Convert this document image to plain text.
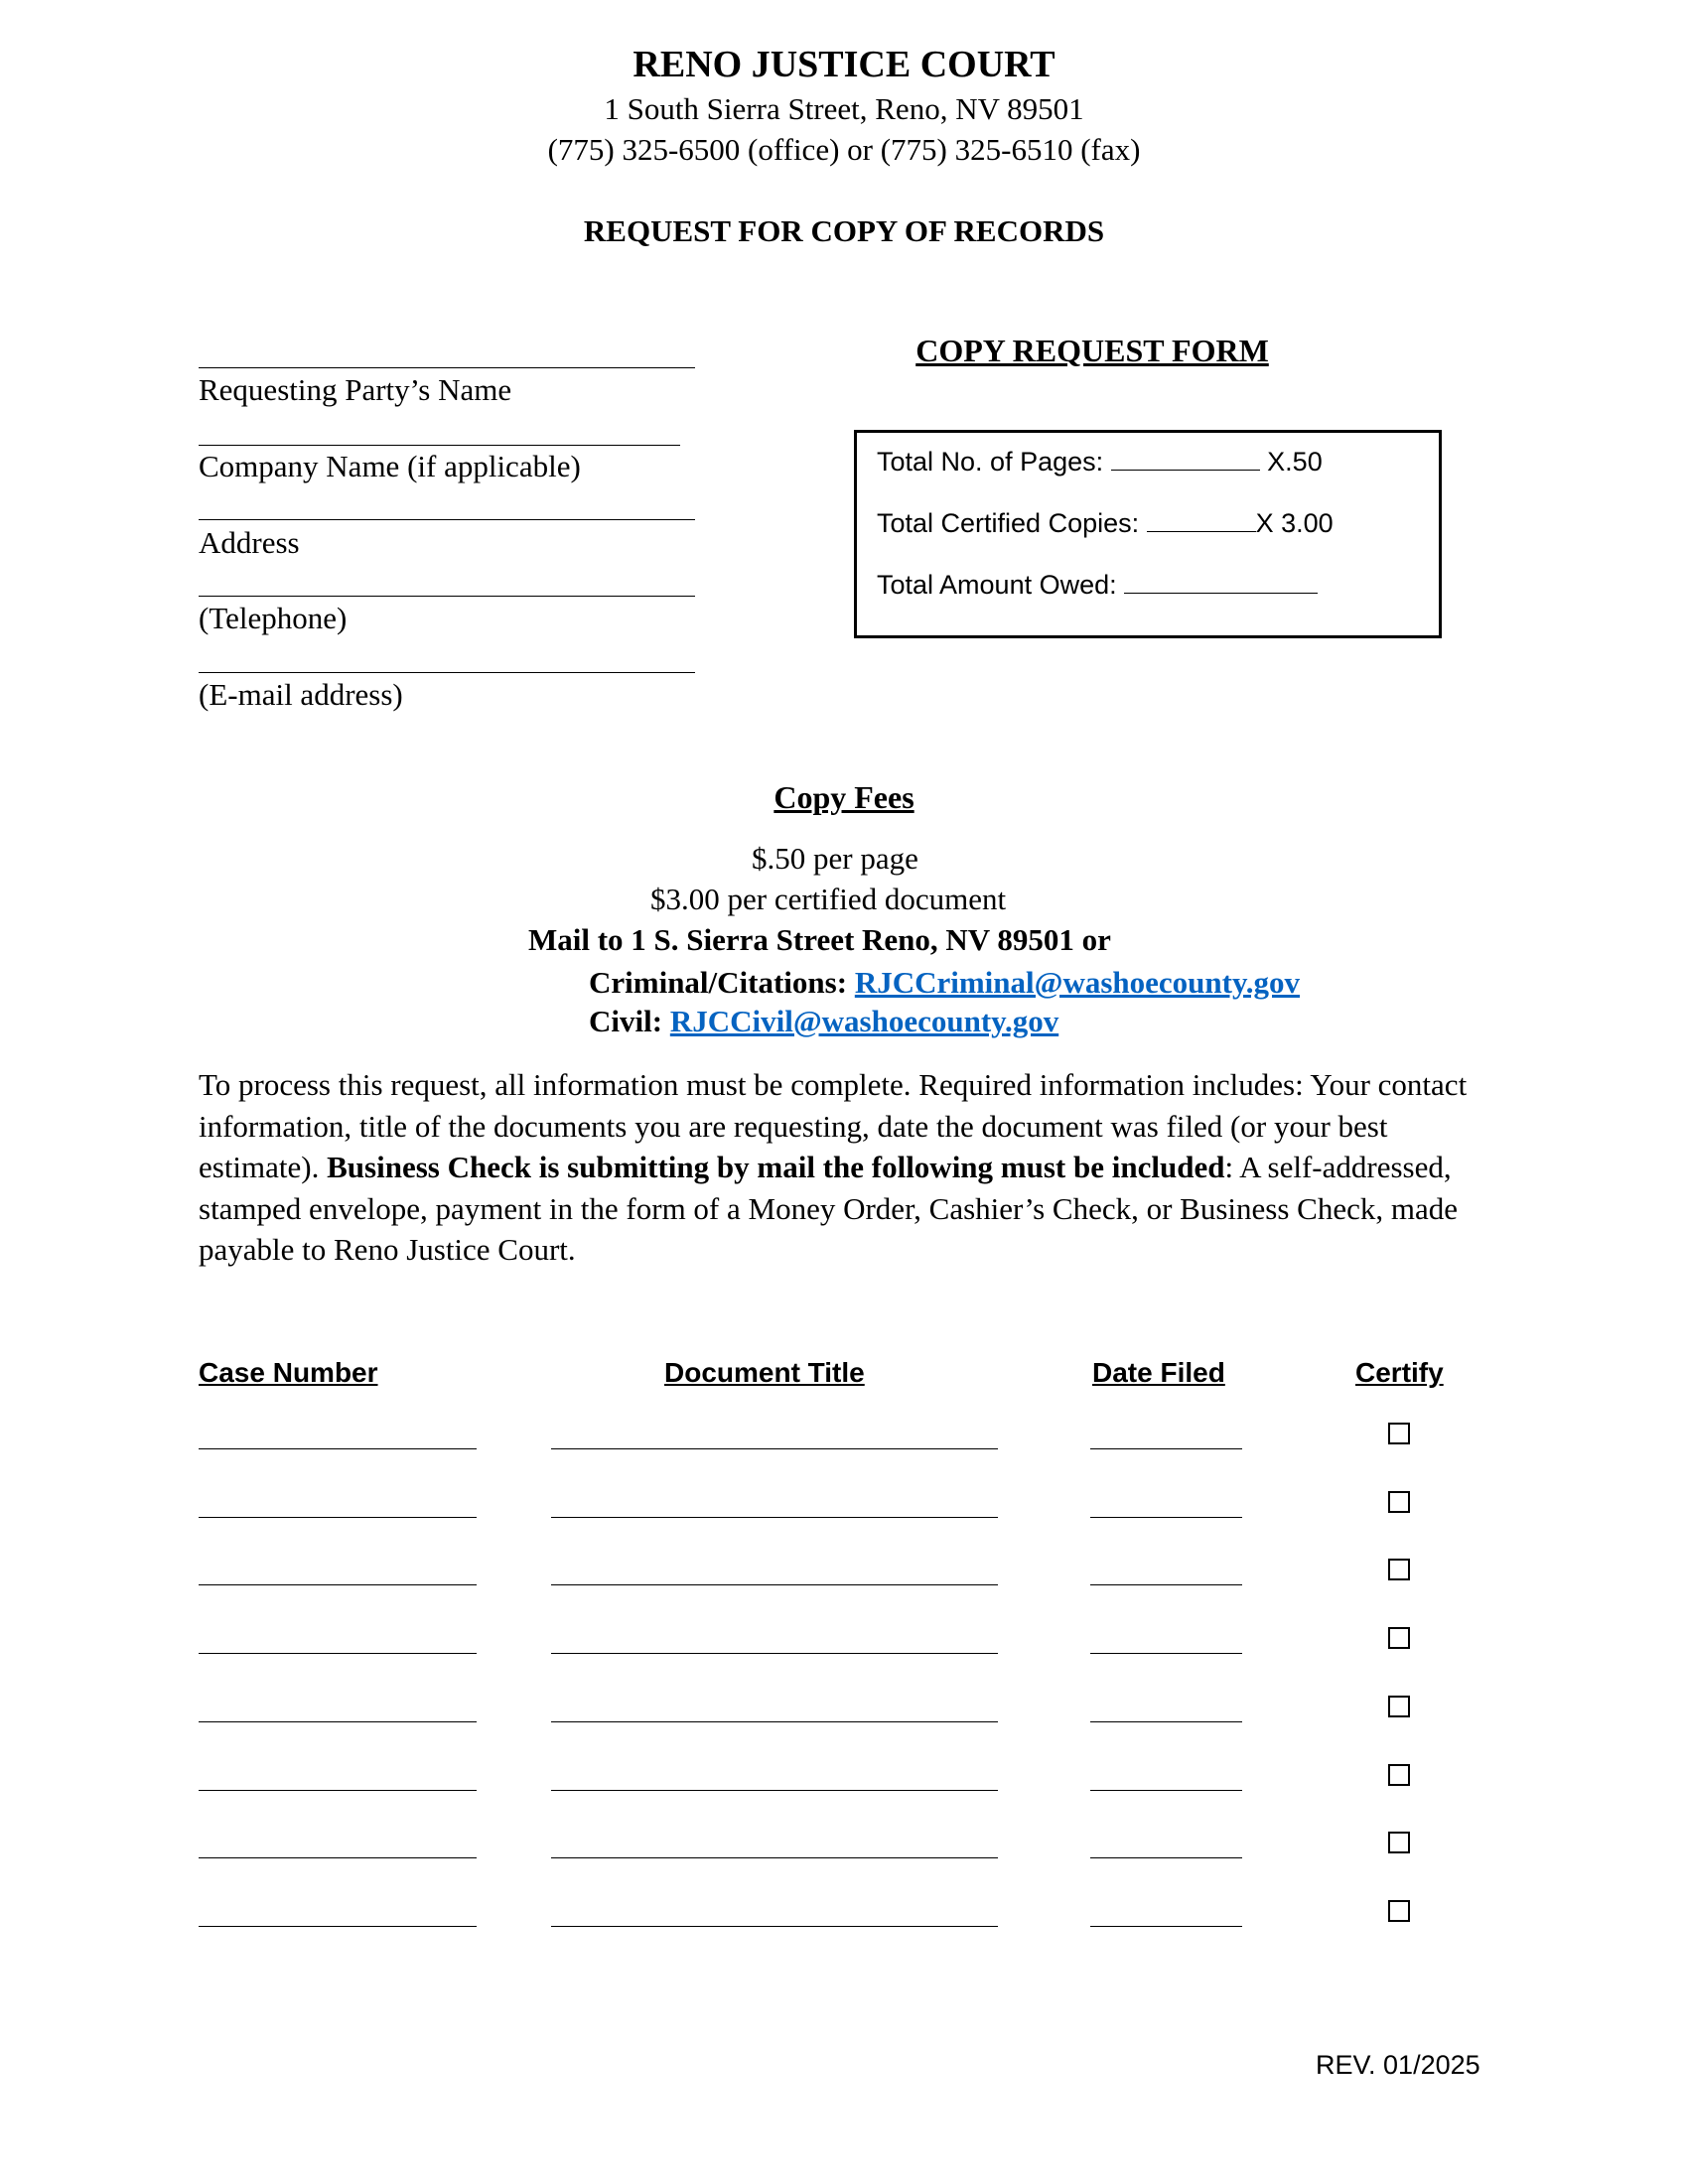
RENO JUSTICE COURT
1 South Sierra Street, Reno, NV 89501
(775) 325-6500 (office) or (775) 325-6510 (fax)
REQUEST FOR COPY OF RECORDS
Requesting Party’s Name
Company Name (if applicable)
Address
(Telephone)
(E-mail address)
COPY REQUEST FORM
Total No. of Pages:	X.50
Total Certified Copies:	X 3.00
Total Amount Owed:
Copy Fees
$.50 per page
$3.00 per certified document
Mail to 1 S. Sierra Street Reno, NV 89501 or
Criminal/Citations: RJCCriminal@washoecounty.gov
Civil: RJCCivil@washoecounty.gov
To process this request, all information must be complete. Required information includes: Your contact information, title of the documents you are requesting, date the document was filed (or your best estimate). Business Check is submitting by mail the following must be included: A self-addressed, stamped envelope, payment in the form of a Money Order, Cashier’s Check, or Business Check, made payable to Reno Justice Court.
Case Number	Document Title	Date Filed	Certify
REV. 01/2025
